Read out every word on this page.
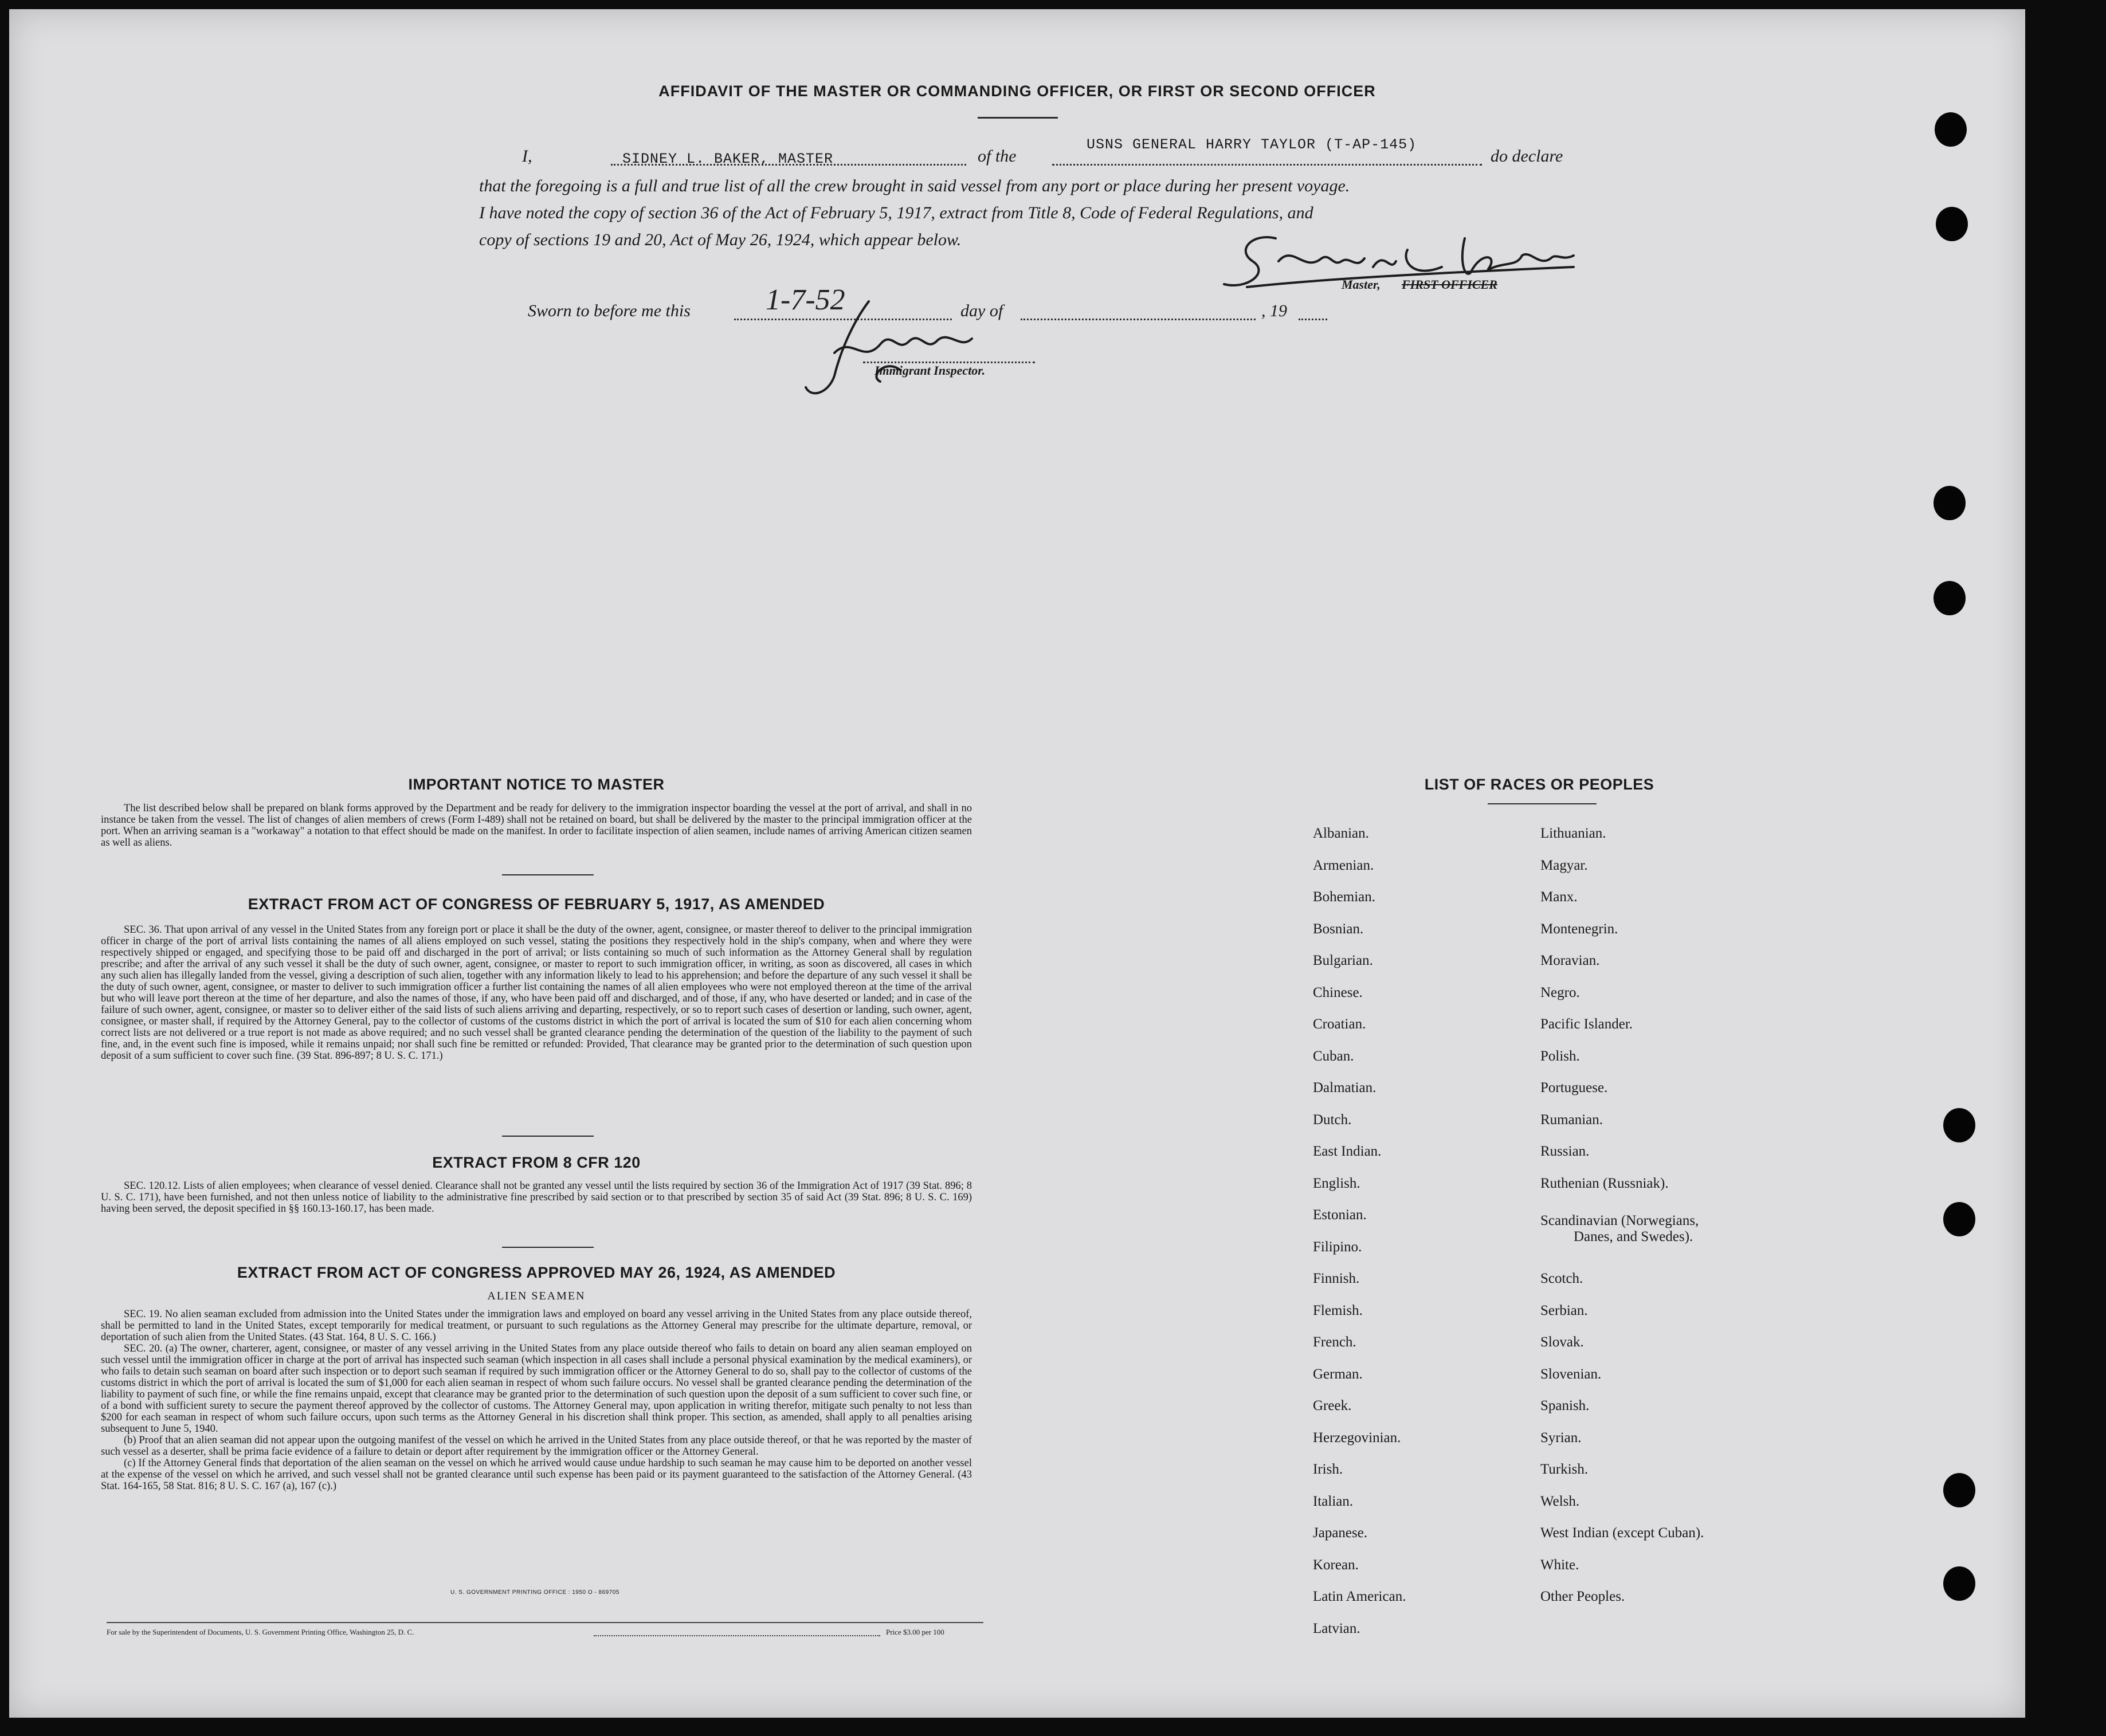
AFFIDAVIT OF THE MASTER OR COMMANDING OFFICER, OR FIRST OR SECOND OFFICER
I,	SIDNEY L. BAKER, MASTER	of the
USNS GENERAL HARRY TAYLOR (T-AP-145)
do declare
that the foregoing is a full and true list of all the crew brought in said vessel from any port or place during her present voyage.
I have noted the copy of section 36 of the Act of February 5, 1917, extract from Title 8, Code of Federal Regulations, and
copy of sections 19 and 20, Act of May 26, 1924, which appear below.
Master, FIRST OFFICER
Sworn to before me this	1-7-52	day of	, 19
Immigrant Inspector.
IMPORTANT NOTICE TO MASTER

The list described below shall be prepared on blank forms approved by the Department and be ready for delivery to the immigration inspector boarding the vessel at the port of arrival, and shall in no instance be taken from the vessel. The list of changes of alien members of crews (Form I-489) shall not be retained on board, but shall be delivered by the master to the principal immigration officer at the port. When an arriving seaman is a "workaway" a notation to that effect should be made on the manifest. In order to facilitate inspection of alien seamen, include names of arriving American citizen seamen as well as aliens.

EXTRACT FROM ACT OF CONGRESS OF FEBRUARY 5, 1917, AS AMENDED

SEC. 36. That upon arrival of any vessel in the United States from any foreign port or place it shall be the duty of the owner, agent, consignee, or master thereof to deliver to the principal immigration officer in charge of the port of arrival lists containing the names of all aliens employed on such vessel, stating the positions they respectively hold in the ship's company, when and where they were respectively shipped or engaged, and specifying those to be paid off and discharged in the port of arrival; or lists containing so much of such information as the Attorney General shall by regulation prescribe; and after the arrival of any such vessel it shall be the duty of such owner, agent, consignee, or master to report to such immigration officer, in writing, as soon as discovered, all cases in which any such alien has illegally landed from the vessel, giving a description of such alien, together with any information likely to lead to his apprehension; and before the departure of any such vessel it shall be the duty of such owner, agent, consignee, or master to deliver to such immigration officer a further list containing the names of all alien employees who were not employed thereon at the time of the arrival but who will leave port thereon at the time of her departure, and also the names of those, if any, who have been paid off and discharged, and of those, if any, who have deserted or landed; and in case of the failure of such owner, agent, consignee, or master so to deliver either of the said lists of such aliens arriving and departing, respectively, or so to report such cases of desertion or landing, such owner, agent, consignee, or master shall, if required by the Attorney General, pay to the collector of customs of the customs district in which the port of arrival is located the sum of $10 for each alien concerning whom correct lists are not delivered or a true report is not made as above required; and no such vessel shall be granted clearance pending the determination of the question of the liability to the payment of such fine, and, in the event such fine is imposed, while it remains unpaid; nor shall such fine be remitted or refunded: Provided, That clearance may be granted prior to the determination of such question upon deposit of a sum sufficient to cover such fine. (39 Stat. 896-897; 8 U. S. C. 171.)

EXTRACT FROM 8 CFR 120

SEC. 120.12. Lists of alien employees; when clearance of vessel denied. Clearance shall not be granted any vessel until the lists required by section 36 of the Immigration Act of 1917 (39 Stat. 896; 8 U. S. C. 171), have been furnished, and not then unless notice of liability to the administrative fine prescribed by said section or to that prescribed by section 35 of said Act (39 Stat. 896; 8 U. S. C. 169) having been served, the deposit specified in §§ 160.13-160.17, has been made.

EXTRACT FROM ACT OF CONGRESS APPROVED MAY 26, 1924, AS AMENDED
ALIEN SEAMEN

SEC. 19. No alien seaman excluded from admission into the United States under the immigration laws and employed on board any vessel arriving in the United States from any place outside thereof, shall be permitted to land in the United States, except temporarily for medical treatment, or pursuant to such regulations as the Attorney General may prescribe for the ultimate departure, removal, or deportation of such alien from the United States. (43 Stat. 164, 8 U. S. C. 166.)

SEC. 20. (a) The owner, charterer, agent, consignee, or master of any vessel arriving in the United States from any place outside thereof who fails to detain on board any alien seaman employed on such vessel until the immigration officer in charge at the port of arrival has inspected such seaman (which inspection in all cases shall include a personal physical examination by the medical examiners), or who fails to detain such seaman on board after such inspection or to deport such seaman if required by such immigration officer or the Attorney General to do so, shall pay to the collector of customs of the customs district in which the port of arrival is located the sum of $1,000 for each alien seaman in respect of whom such failure occurs. No vessel shall be granted clearance pending the determination of the liability to payment of such fine, or while the fine remains unpaid, except that clearance may be granted prior to the determination of such question upon the deposit of a sum sufficient to cover such fine, or of a bond with sufficient surety to secure the payment thereof approved by the collector of customs. The Attorney General may, upon application in writing therefor, mitigate such penalty to not less than $200 for each seaman in respect of whom such failure occurs, upon such terms as the Attorney General in his discretion shall think proper. This section, as amended, shall apply to all penalties arising subsequent to June 5, 1940.

(b) Proof that an alien seaman did not appear upon the outgoing manifest of the vessel on which he arrived in the United States from any place outside thereof, or that he was reported by the master of such vessel as a deserter, shall be prima facie evidence of a failure to detain or deport after requirement by the immigration officer or the Attorney General.

(c) If the Attorney General finds that deportation of the alien seaman on the vessel on which he arrived would cause undue hardship to such seaman he may cause him to be deported on another vessel at the expense of the vessel on which he arrived, and such vessel shall not be granted clearance until such expense has been paid or its payment guaranteed to the satisfaction of the Attorney General. (43 Stat. 164-165, 58 Stat. 816; 8 U. S. C. 167 (a), 167 (c).)

U. S. GOVERNMENT PRINTING OFFICE : 1950 O - 869705
For sale by the Superintendent of Documents, U. S. Government Printing Office, Washington 25, D. C.	Price $3.00 per 100
LIST OF RACES OR PEOPLES
Albanian.
Armenian.
Bohemian.
Bosnian.
Bulgarian.
Chinese.
Croatian.
Cuban.
Dalmatian.
Dutch.
East Indian.
English.
Estonian.
Filipino.
Finnish.
Flemish.
French.
German.
Greek.
Herzegovinian.
Irish.
Italian.
Japanese.
Korean.
Latin American.
Latvian.
Lithuanian.
Magyar.
Manx.
Montenegrin.
Moravian.
Negro.
Pacific Islander.
Polish.
Portuguese.
Rumanian.
Russian.
Ruthenian (Russniak).
Scandinavian (Norwegians,
Danes, and Swedes).
Scotch.
Serbian.
Slovak.
Slovenian.
Spanish.
Syrian.
Turkish.
Welsh.
West Indian (except Cuban).
White.
Other Peoples.
